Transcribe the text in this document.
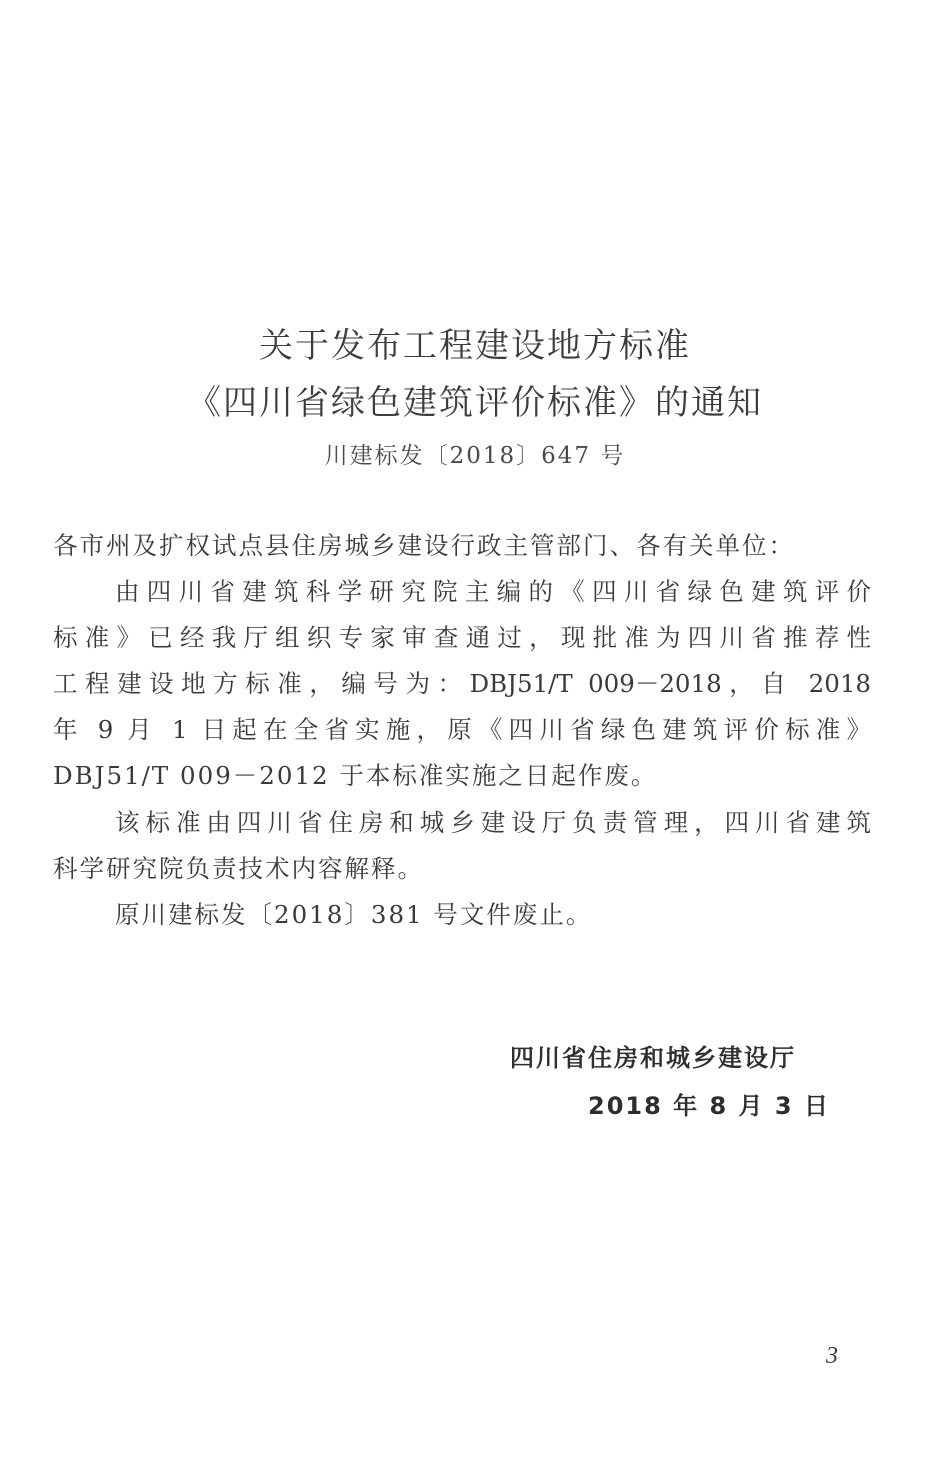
关于发布工程建设地方标准
《四川省绿色建筑评价标准》的通知
川建标发〔2018〕647 号
各市州及扩权试点县住房城乡建设行政主管部门、各有关单位：
由四川省建筑科学研究院主编的《四川省绿色建筑评价
标准》已经我厅组织专家审查通过，现批准为四川省推荐性
工程建设地方标准，编号为：DBJ51/T 009－2018，自 2018
年 9 月 1 日起在全省实施，原《四川省绿色建筑评价标准》
DBJ51/T 009－2012 于本标准实施之日起作废。
该标准由四川省住房和城乡建设厅负责管理，四川省建筑
科学研究院负责技术内容解释。
原川建标发〔2018〕381 号文件废止。
四川省住房和城乡建设厅
2018 年 8 月 3 日
3
